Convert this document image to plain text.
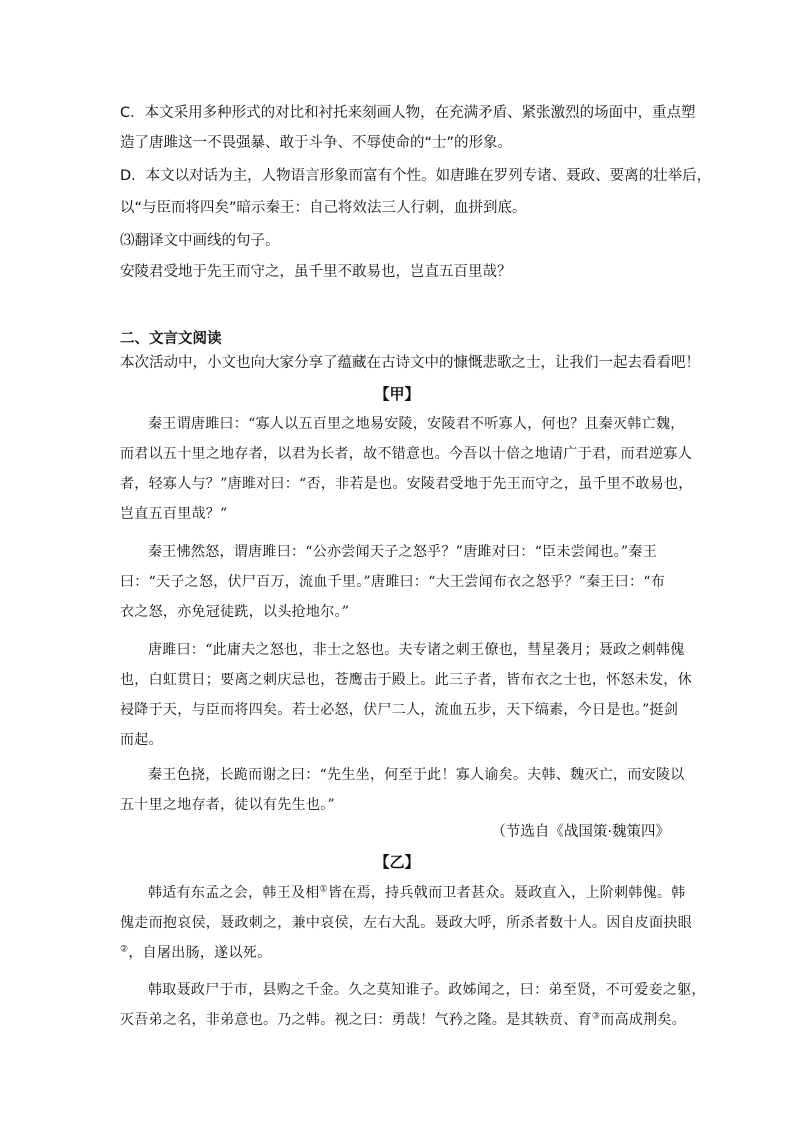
C．本文采用多种形式的对比和衬托来刻画人物，在充满矛盾、紧张激烈的场面中，重点塑
造了唐雎这一不畏强暴、敢于斗争、不辱使命的“士”的形象。
D．本文以对话为主，人物语言形象而富有个性。如唐雎在罗列专诸、聂政、要离的壮举后，
以“与臣而将四矣”暗示秦王：自己将效法三人行刺，血拼到底。
⑶翻译文中画线的句子。
安陵君受地于先王而守之，虽千里不敢易也，岂直五百里哉？
二、文言文阅读
本次活动中，小文也向大家分享了蕴藏在古诗文中的慷慨悲歌之士，让我们一起去看看吧！
【甲】
秦王谓唐雎曰：“寡人以五百里之地易安陵，安陵君不听寡人，何也？且秦灭韩亡魏，
而君以五十里之地存者，以君为长者，故不错意也。今吾以十倍之地请广于君，而君逆寡人
者，轻寡人与？”唐雎对曰：“否，非若是也。安陵君受地于先王而守之，虽千里不敢易也，
岂直五百里哉？”
秦王怫然怒，谓唐雎曰：“公亦尝闻天子之怒乎？”唐雎对曰：“臣未尝闻也。”秦王
曰：“天子之怒，伏尸百万，流血千里。”唐雎曰：“大王尝闻布衣之怒乎？”秦王曰：“布
衣之怒，亦免冠徒跣，以头抢地尔。”
唐雎曰：“此庸夫之怒也，非士之怒也。夫专诸之刺王僚也，彗星袭月；聂政之刺韩傀
也，白虹贯日；要离之刺庆忌也，苍鹰击于殿上。此三子者，皆布衣之士也，怀怒未发，休
祲降于天，与臣而将四矣。若士必怒，伏尸二人，流血五步，天下缟素，今日是也。”挺剑
而起。
秦王色挠，长跪而谢之曰：“先生坐，何至于此！寡人谕矣。夫韩、魏灭亡，而安陵以
五十里之地存者，徒以有先生也。”
（节选自《战国策·魏策四》
【乙】
韩适有东孟之会，韩王及相①皆在焉，持兵戟而卫者甚众。聂政直入，上阶刺韩傀。韩
傀走而抱哀侯，聂政刺之，兼中哀侯，左右大乱。聂政大呼，所杀者数十人。因自皮面抉眼
②，自屠出肠，遂以死。
韩取聂政尸于市，县购之千金。久之莫知谁子。政姊闻之，曰：弟至贤，不可爱妾之躯，
灭吾弟之名，非弟意也。乃之韩。视之曰：勇哉！气矜之隆。是其轶贲、育③而高成荆矣。
